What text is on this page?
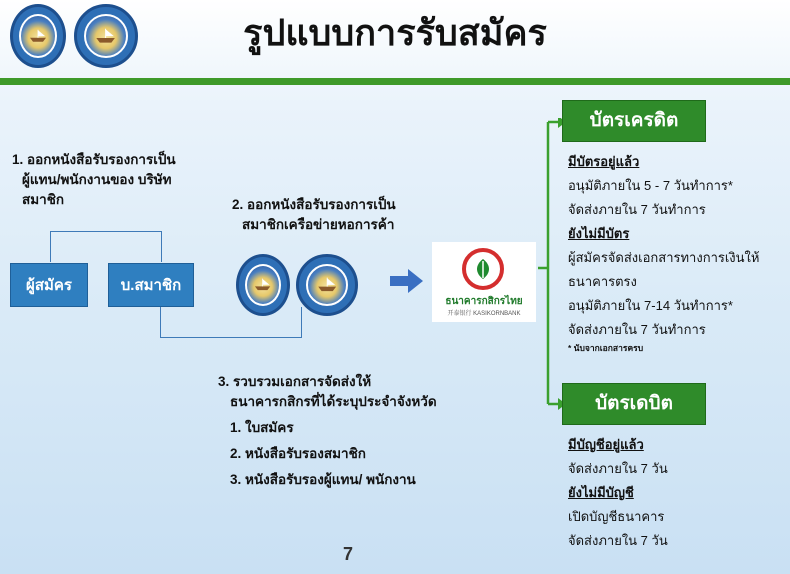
รูปแบบการรับสมัคร
1. ออกหนังสือรับรองการเป็น
ผู้แทน/พนักงานของ บริษัท
สมาชิก
ผู้สมัคร	บ.สมาชิก
2. ออกหนังสือรับรองการเป็น
สมาชิกเครือข่ายหอการค้า
ธนาคารกสิกรไทย
开泰银行 KASIKORNBANK
บัตรเครดิต
มีบัตรอยู่แล้ว
อนุมัติภายใน 5 - 7 วันทำการ*
จัดส่งภายใน 7 วันทำการ
ยังไม่มีบัตร
ผู้สมัครจัดส่งเอกสารทางการเงินให้
ธนาคารตรง
อนุมัติภายใน 7-14 วันทำการ*
จัดส่งภายใน 7 วันทำการ
* นับจากเอกสารครบ
3. รวบรวมเอกสารจัดส่งให้
ธนาคารกสิกรที่ได้ระบุประจำจังหวัด
1. ใบสมัคร
2. หนังสือรับรองสมาชิก
3. หนังสือรับรองผู้แทน/ พนักงาน
บัตรเดบิต
มีบัญชีอยู่แล้ว
จัดส่งภายใน 7 วัน
ยังไม่มีบัญชี
เปิดบัญชีธนาคาร
จัดส่งภายใน 7 วัน
7
